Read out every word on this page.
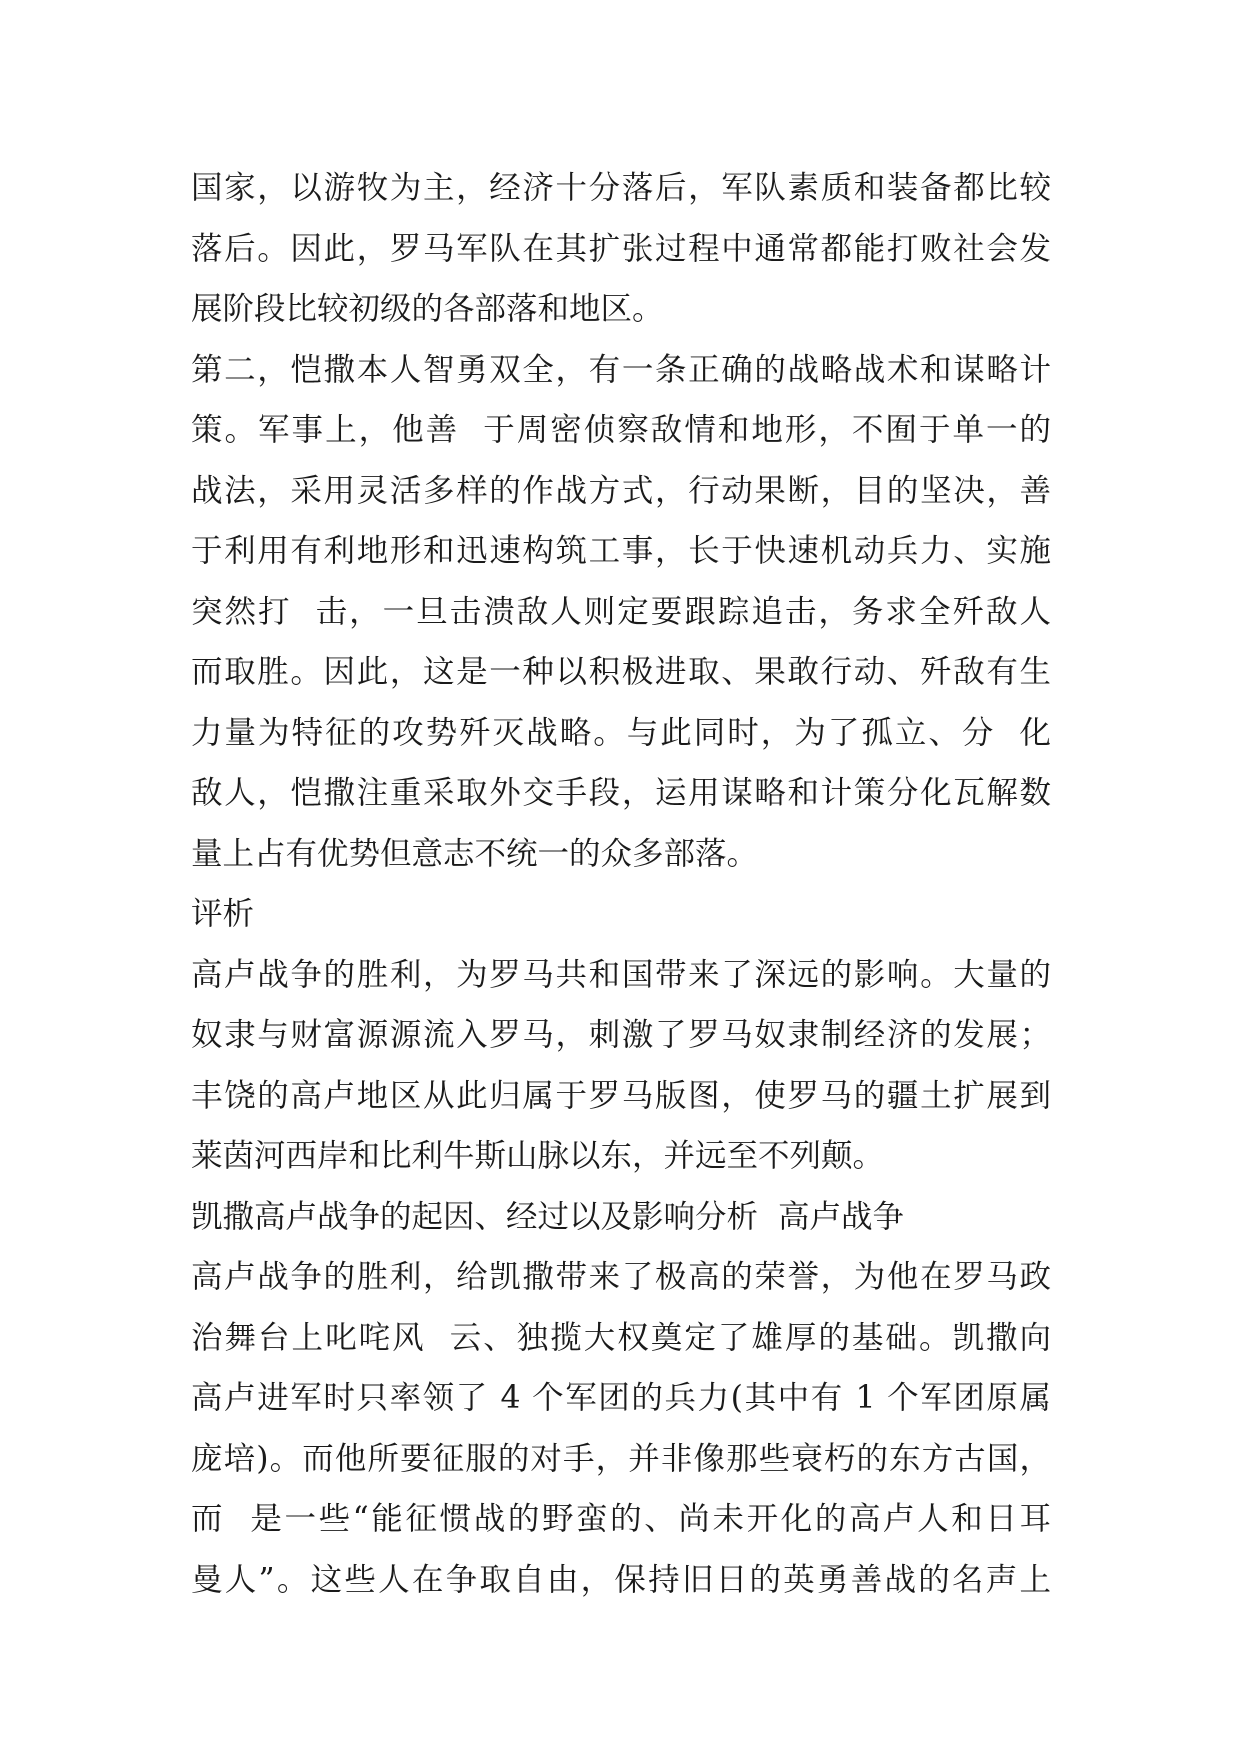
国家，以游牧为主，经济十分落后，军队素质和装备都比较

落后。因此，罗马军队在其扩张过程中通常都能打败社会发

展阶段比较初级的各部落和地区。

第二，恺撒本人智勇双全，有一条正确的战略战术和谋略计

策。军事上，他善  于周密侦察敌情和地形，不囿于单一的

战法，采用灵活多样的作战方式，行动果断，目的坚决，善

于利用有利地形和迅速构筑工事，长于快速机动兵力、实施

突然打  击，一旦击溃敌人则定要跟踪追击，务求全歼敌人

而取胜。因此，这是一种以积极进取、果敢行动、歼敌有生

力量为特征的攻势歼灭战略。与此同时，为了孤立、分  化

敌人，恺撒注重采取外交手段，运用谋略和计策分化瓦解数

量上占有优势但意志不统一的众多部落。

评析

高卢战争的胜利，为罗马共和国带来了深远的影响。大量的

奴隶与财富源源流入罗马，刺激了罗马奴隶制经济的发展；

丰饶的高卢地区从此归属于罗马版图，使罗马的疆土扩展到

莱茵河西岸和比利牛斯山脉以东，并远至不列颠。

凯撒高卢战争的起因、经过以及影响分析  高卢战争

高卢战争的胜利，给凯撒带来了极高的荣誉，为他在罗马政

治舞台上叱咤风  云、独揽大权奠定了雄厚的基础。凯撒向

高卢进军时只率领了 4 个军团的兵力(其中有 1 个军团原属

庞培)。而他所要征服的对手，并非像那些衰朽的东方古国，

而  是一些“能征惯战的野蛮的、尚未开化的高卢人和日耳

曼人”。这些人在争取自由，保持旧日的英勇善战的名声上
